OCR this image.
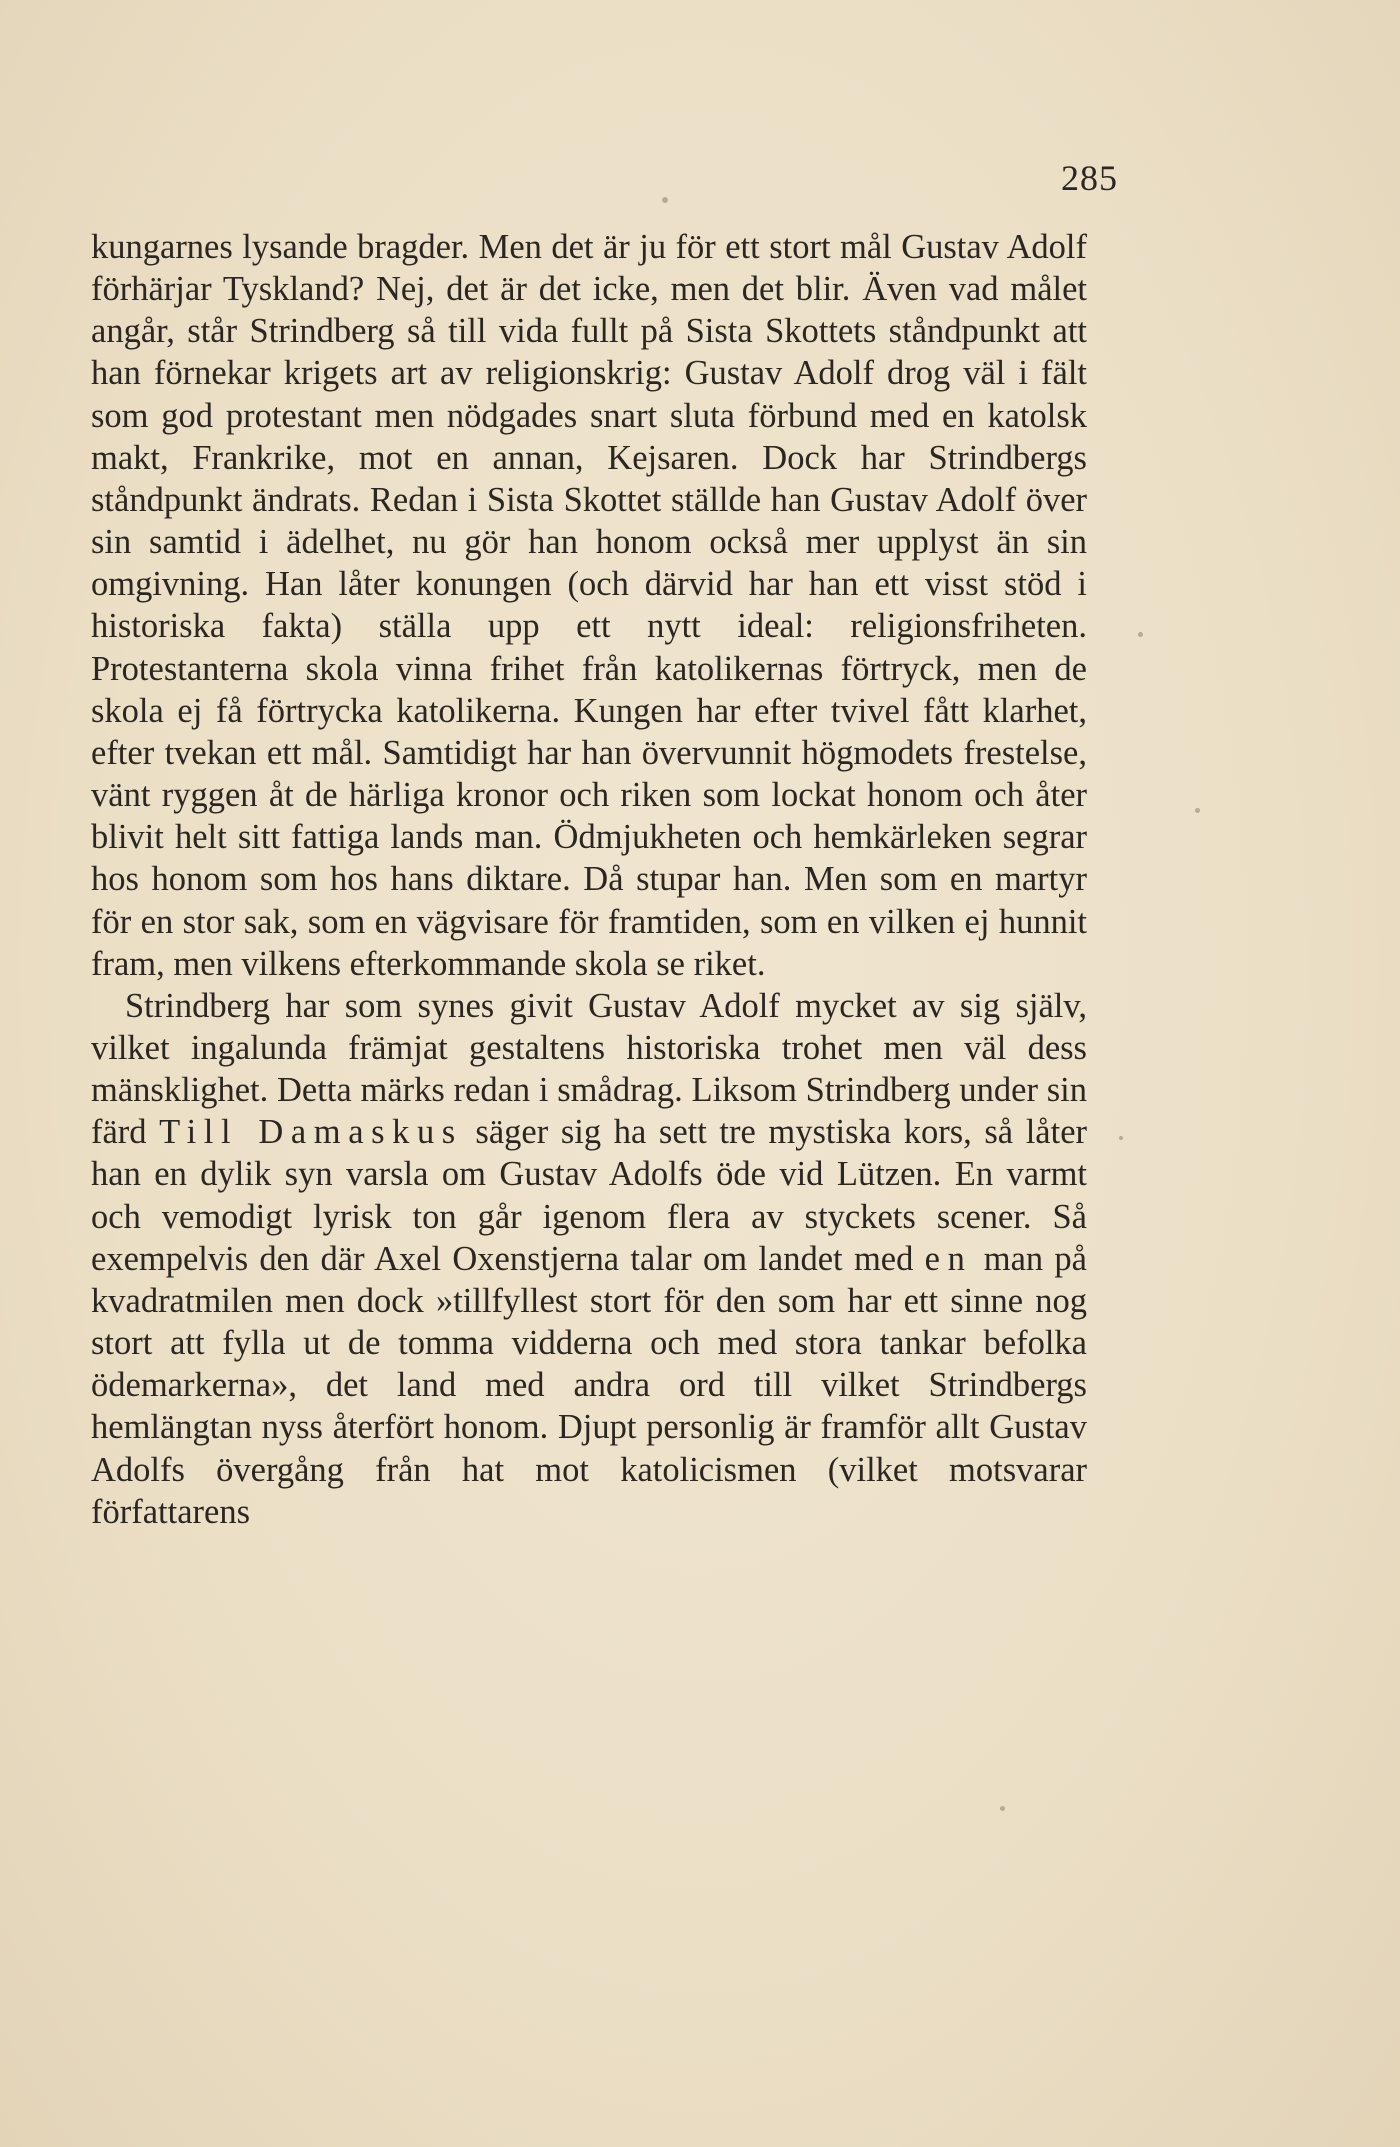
285

kungarnes lysande bragder. Men det är ju för ett stort mål Gustav Adolf förhärjar Tyskland? Nej, det är det icke, men det blir. Även vad målet angår, står Strindberg så till vida fullt på Sista Skottets ståndpunkt att han förnekar krigets art av religionskrig: Gustav Adolf drog väl i fält som god protestant men nödgades snart sluta förbund med en katolsk makt, Frankrike, mot en annan, Kejsaren. Dock har Strindbergs ståndpunkt ändrats. Redan i Sista Skottet ställde han Gustav Adolf över sin samtid i ädelhet, nu gör han honom också mer upplyst än sin omgivning. Han låter konungen (och därvid har han ett visst stöd i historiska fakta) ställa upp ett nytt ideal: religionsfriheten. Protestanterna skola vinna frihet från katolikernas förtryck, men de skola ej få förtrycka katolikerna. Kungen har efter tvivel fått klarhet, efter tvekan ett mål. Samtidigt har han övervunnit högmodets frestelse, vänt ryggen åt de härliga kronor och riken som lockat honom och åter blivit helt sitt fattiga lands man. Ödmjukheten och hemkärleken segrar hos honom som hos hans diktare. Då stupar han. Men som en martyr för en stor sak, som en vägvisare för framtiden, som en vilken ej hunnit fram, men vilkens efterkommande skola se riket.

Strindberg har som synes givit Gustav Adolf mycket av sig själv, vilket ingalunda främjat gestaltens historiska trohet men väl dess mänsklighet. Detta märks redan i smådrag. Liksom Strindberg under sin färd Till Damaskus säger sig ha sett tre mystiska kors, så låter han en dylik syn varsla om Gustav Adolfs öde vid Lützen. En varmt och vemodigt lyrisk ton går igenom flera av styckets scener. Så exempelvis den där Axel Oxenstjerna talar om landet med en man på kvadratmilen men dock »tillfyllest stort för den som har ett sinne nog stort att fylla ut de tomma vidderna och med stora tankar befolka ödemarkerna», det land med andra ord till vilket Strindbergs hemlängtan nyss återfört honom. Djupt personlig är framför allt Gustav Adolfs övergång från hat mot katolicismen (vilket motsvarar författarens
